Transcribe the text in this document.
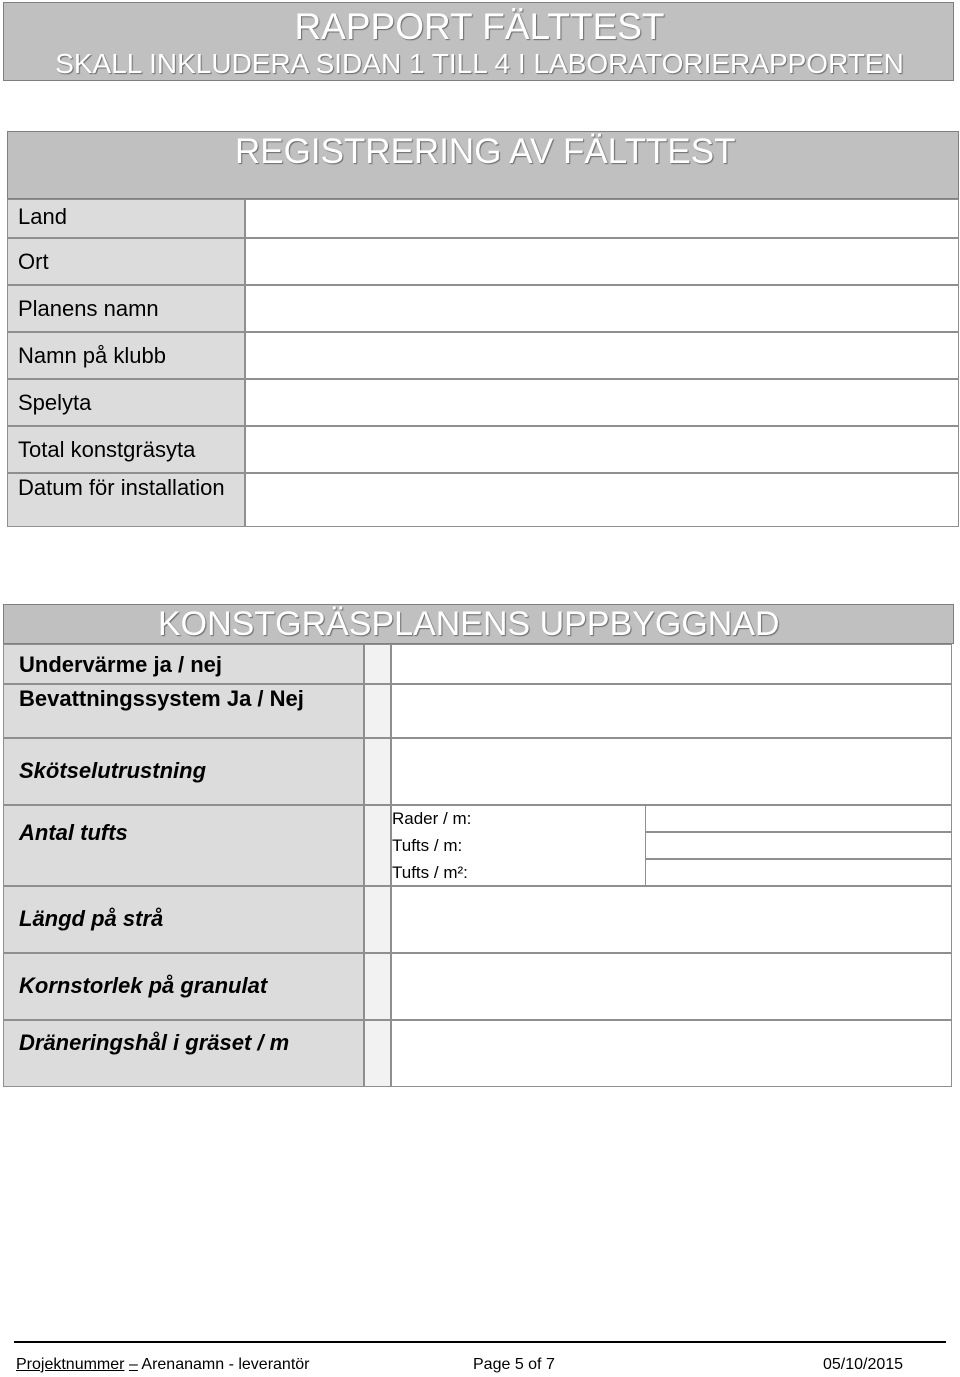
RAPPORT FÄLTTEST
SKALL INKLUDERA SIDAN 1 TILL 4 I LABORATORIERAPPORTEN
REGISTRERING AV FÄLTTEST
Land
Ort
Planens namn
Namn på klubb
Spelyta
Total konstgräsyta
Datum för installation
KONSTGRÄSPLANENS UPPBYGGNAD
Undervärme ja / nej
Bevattningssystem Ja / Nej
Skötselutrustning
Antal tufts
Rader / m:
Tufts / m:
Tufts / m²:
Längd på strå
Kornstorlek på granulat
Dräneringshål i gräset / m
Projektnummer – Arenanamn - leverantör	Page 5 of 7	05/10/2015
